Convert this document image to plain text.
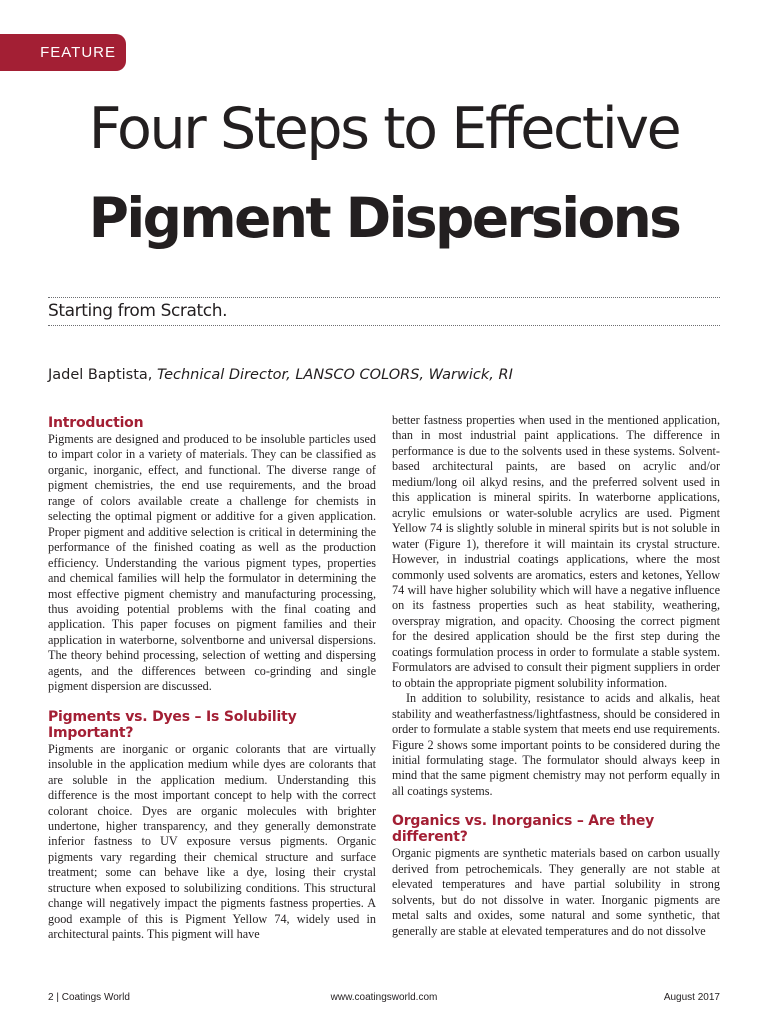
FEATURE
Four Steps to Effective
Pigment Dispersions
Starting from Scratch.
Jadel Baptista, Technical Director, LANSCO COLORS, Warwick, RI
Introduction

Pigments are designed and produced to be insoluble particles used to impart color in a variety of materials. They can be classified as organic, inorganic, effect, and functional. The diverse range of pigment chemistries, the end use requirements, and the broad range of colors available create a challenge for chemists in selecting the optimal pigment or additive for a given application. Proper pigment and additive selection is critical in determining the performance of the finished coating as well as the production efficiency. Understanding the various pigment types, properties and chemical families will help the formulator in determining the most effective pigment chemistry and manufacturing processing, thus avoiding potential problems with the final coating and application. This paper focuses on pigment families and their application in waterborne, solventborne and universal dispersions. The theory behind processing, selection of wetting and dispersing agents, and the differences between co-grinding and single pigment dispersion are discussed.

Pigments vs. Dyes – Is Solubility Important?

Pigments are inorganic or organic colorants that are virtually insoluble in the application medium while dyes are colorants that are soluble in the application medium. Understanding this difference is the most important concept to help with the correct colorant choice. Dyes are organic molecules with brighter undertone, higher transparency, and they generally demonstrate inferior fastness to UV exposure versus pigments. Organic pigments vary regarding their chemical structure and surface treatment; some can behave like a dye, losing their crystal structure when exposed to solubilizing conditions. This structural change will negatively impact the pigments fastness properties. A good example of this is Pigment Yellow 74, widely used in architectural paints. This pigment will have

better fastness properties when used in the mentioned application, than in most industrial paint applications. The difference in performance is due to the solvents used in these systems. Solvent-based architectural paints, are based on acrylic and/or medium/long oil alkyd resins, and the preferred solvent used in this application is mineral spirits. In waterborne applications, acrylic emulsions or water-soluble acrylics are used. Pigment Yellow 74 is slightly soluble in mineral spirits but is not soluble in water (Figure 1), therefore it will maintain its crystal structure. However, in industrial coatings applications, where the most commonly used solvents are aromatics, esters and ketones, Yellow 74 will have higher solubility which will have a negative influence on its fastness properties such as heat stability, weathering, overspray migration, and opacity. Choosing the correct pigment for the desired application should be the first step during the coatings formulation process in order to formulate a stable system. Formulators are advised to consult their pigment suppliers in order to obtain the appropriate pigment solubility information.

In addition to solubility, resistance to acids and alkalis, heat stability and weatherfastness/lightfastness, should be considered in order to formulate a stable system that meets end use requirements. Figure 2 shows some important points to be considered during the initial formulating stage. The formulator should always keep in mind that the same pigment chemistry may not perform equally in all coatings systems.

Organics vs. Inorganics – Are they different?

Organic pigments are synthetic materials based on carbon usually derived from petrochemicals. They generally are not stable at elevated temperatures and have partial solubility in strong solvents, but do not dissolve in water. Inorganic pigments are metal salts and oxides, some natural and some synthetic, that generally are stable at elevated temperatures and do not dissolve

2 | Coatings World	www.coatingsworld.com	August 2017
